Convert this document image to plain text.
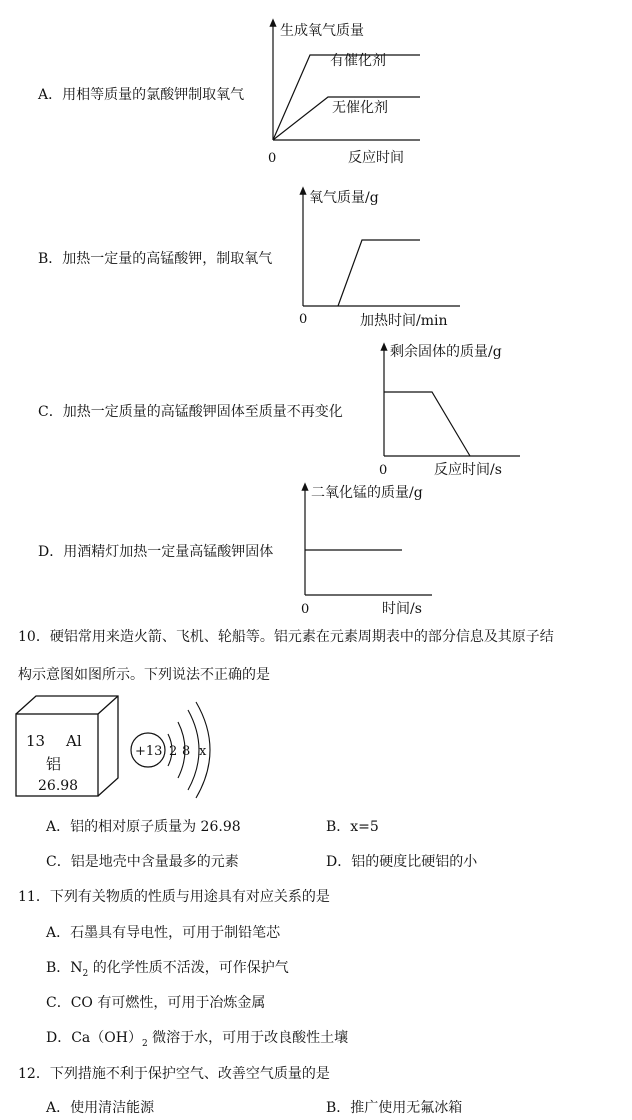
A．用相等质量的氯酸钾制取氧气
生成氧气质量
0	反应时间
有催化剂
无催化剂
B．加热一定量的高锰酸钾，制取氧气
氧气质量/g
0	加热时间/min
C．加热一定质量的高锰酸钾固体至质量不再变化
剩余固体的质量/g
0	反应时间/s
D．用酒精灯加热一定量高锰酸钾固体
二氧化锰的质量/g
0	时间/s
10．硬铝常用来造火箭、飞机、轮船等。铝元素在元素周期表中的部分信息及其原子结
构示意图如图所示。下列说法不正确的是
13 Al
铝
26.98
+13 2 8 x
A．铝的相对原子质量为 26.98	B．x=5
C．铝是地壳中含量最多的元素	D．铝的硬度比硬铝的小
11．下列有关物质的性质与用途具有对应关系的是
A．石墨具有导电性，可用于制铅笔芯
B．$N_2$ 的化学性质不活泼，可作保护气
C．CO 有可燃性，可用于冶炼金属
D．$Ca(OH)_2$ 微溶于水，可用于改良酸性土壤
12．下列措施不利于保护空气、改善空气质量的是
A．使用清洁能源	B．推广使用无氟冰箱
